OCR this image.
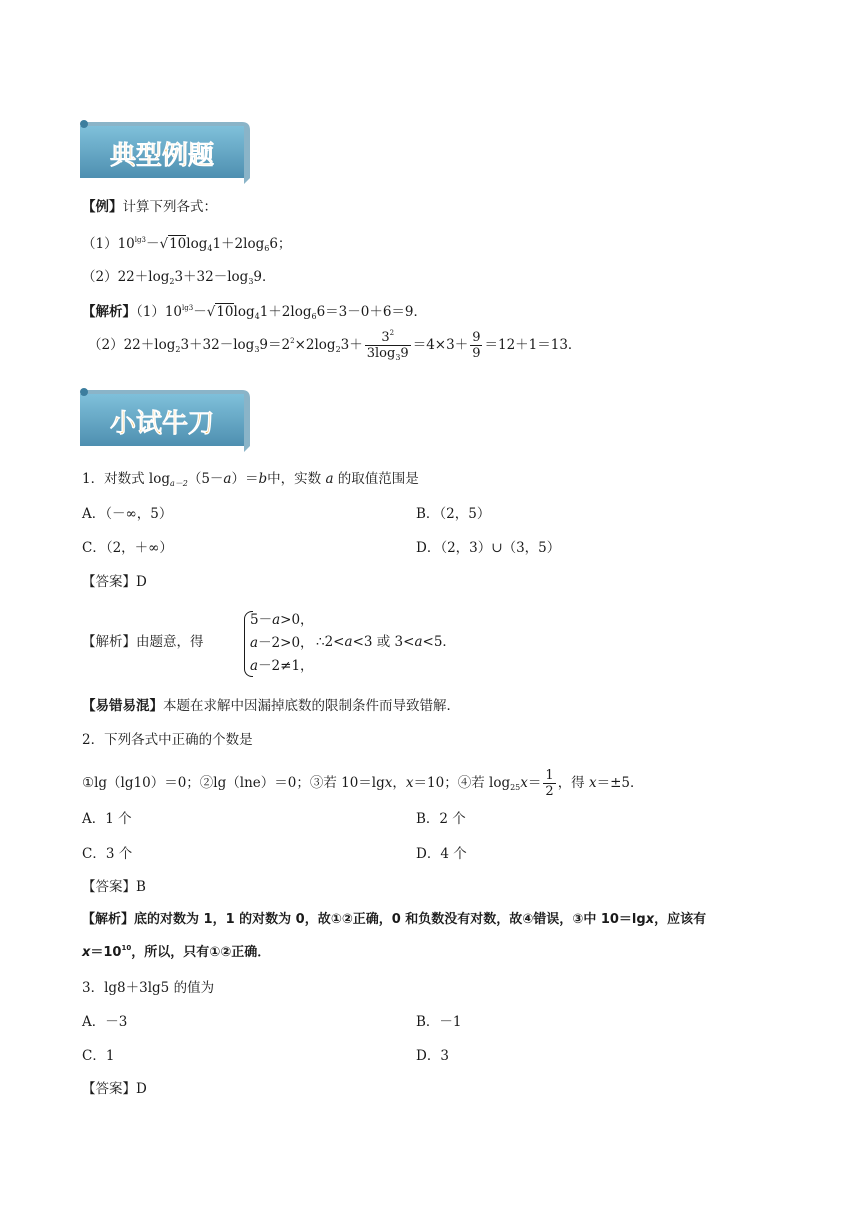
典型例题
【例】计算下列各式：
$(1)10^{lg3}-√10\log_41+2\log_66$；
$(2)22+\log_23+32-\log_39$．
【解析】$(1)10^{lg3}-√10\log_41+2\log_66=3-0+6=9$．
$(2)22+\log_23+32-\log_39=2^2\times 2\log_23+ \frac{3^2}{3\log_39} =4\times 3+ \frac{9}{9} =12+1=13$．
小试牛刀
1．对数式 $\log_{a-2}(5-a)=b$中，实数 a 的取值范围是
A．（－∞，5）	B．（2，5）
C．（2，＋∞）	D．（2，3）∪（3，5）
【答案】D
【解析】由题意，得
5－a>0，
a－2>0，
a－2≠1，
∴2<a<3 或 3<a<5．
【易错易混】本题在求解中因漏掉底数的限制条件而导致错解．
2．下列各式中正确的个数是
①lg（lg10）＝0；②lg（lne）＝0；③若 10＝lgx，x＝10；④若 $\log_{25}x= \frac{1}{2}$ ，得 x＝±5．
A．1 个	B．2 个
C．3 个	D．4 个
【答案】B
【解析】底的对数为 1，1 的对数为 0，故①②正确，0 和负数没有对数，故④错误，③中 10＝lgx，应该有
$x=10^{10}$，所以，只有①②正确．
3．lg8＋3lg5 的值为
A．－3	B．－1
C．1	D．3
【答案】D
